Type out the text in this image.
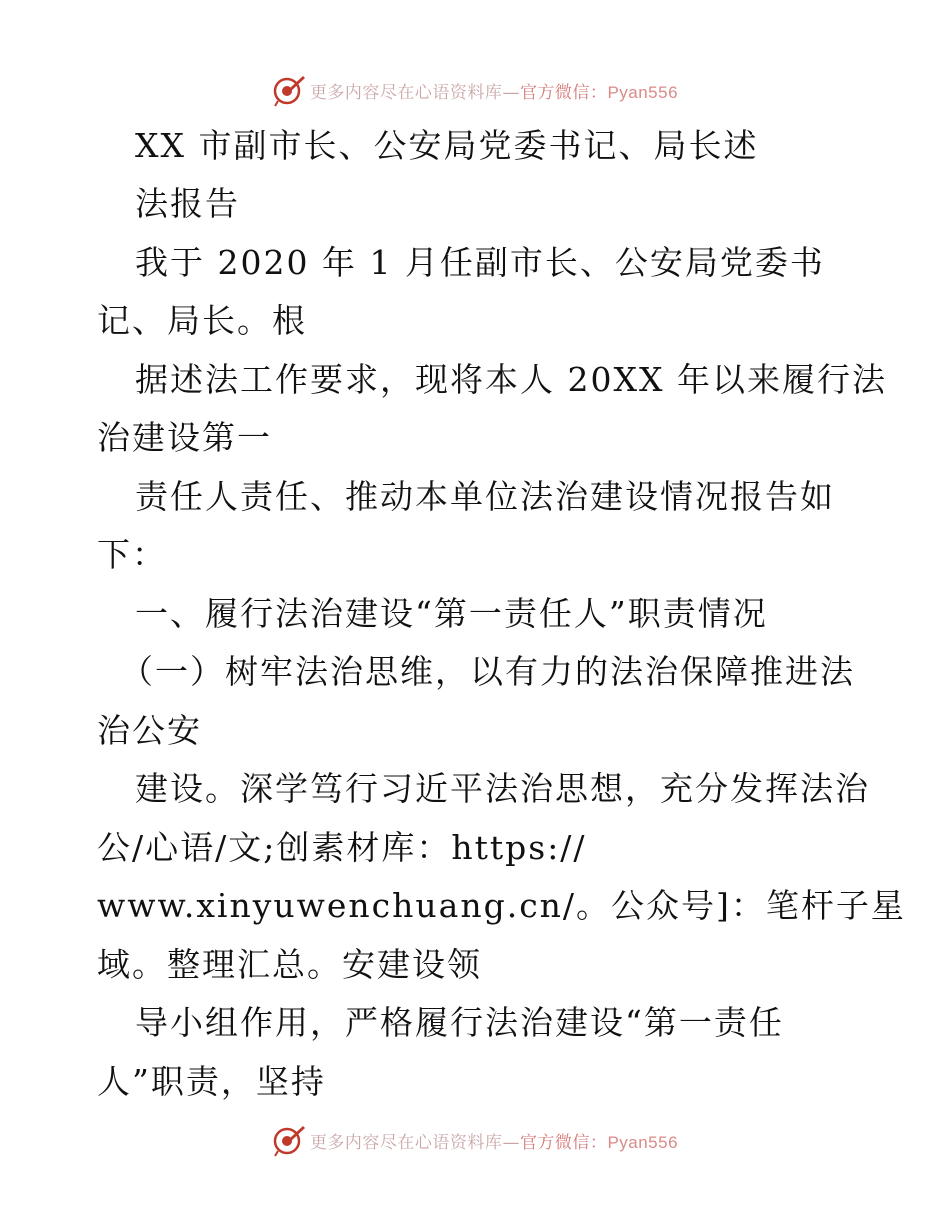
更多内容尽在心语资料库—官方微信：Pyan556
XX 市副市长、公安局党委书记、局长述
法报告
我于 2020 年 1 月任副市长、公安局党委书
记、局长。根
据述法工作要求，现将本人 20XX 年以来履行法
治建设第一
责任人责任、推动本单位法治建设情况报告如
下：
一、履行法治建设“第一责任人”职责情况
（一）树牢法治思维，以有力的法治保障推进法
治公安
建设。深学笃行习近平法治思想，充分发挥法治
公/心语/文;创素材库：https://
www.xinyuwenchuang.cn/。公众号]：笔杆子星
域。整理汇总。安建设领
导小组作用，严格履行法治建设“第一责任
人”职责，坚持
更多内容尽在心语资料库—官方微信：Pyan556
